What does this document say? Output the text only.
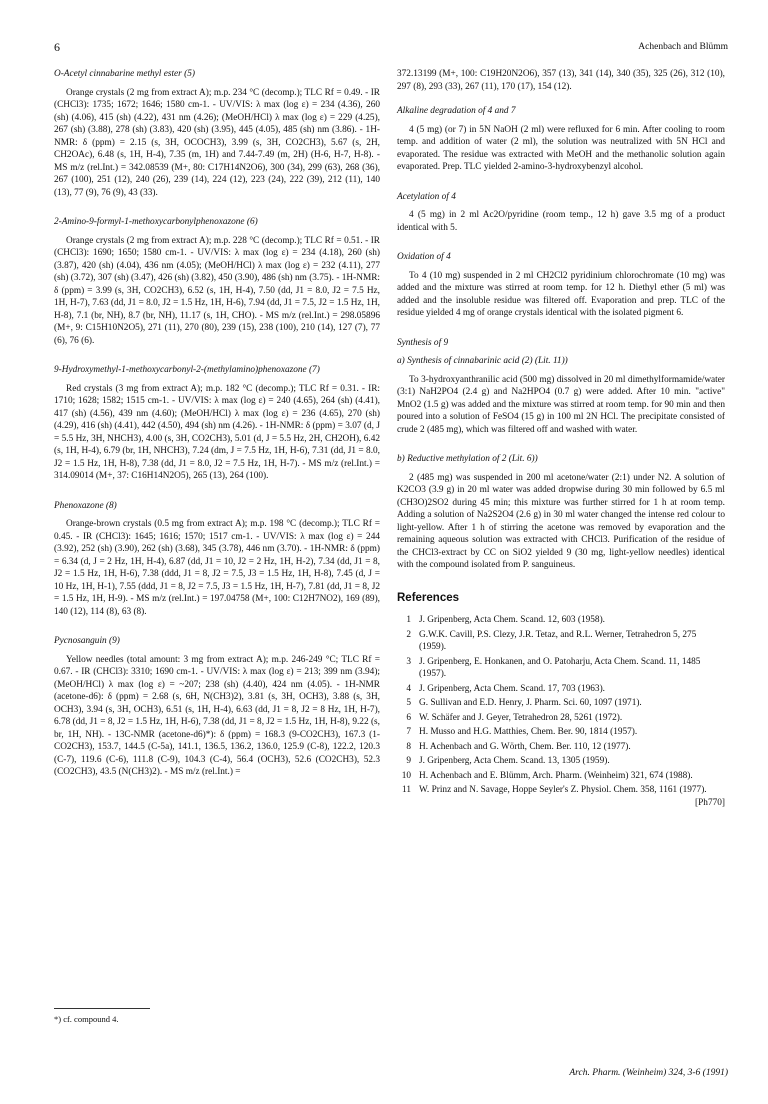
6	Achenbach and Blümm
O-Acetyl cinnabarine methyl ester (5)
Orange crystals (2 mg from extract A); m.p. 234 °C (decomp.); TLC Rf = 0.49. - IR (CHCl3): 1735; 1672; 1646; 1580 cm-1. - UV/VIS: λ max (log ε) = 234 (4.36), 260 (sh) (4.06), 415 (sh) (4.22), 431 nm (4.26); (MeOH/HCl) λ max (log ε) = 229 (4.25), 267 (sh) (3.88), 278 (sh) (3.83), 420 (sh) (3.95), 445 (4.05), 485 (sh) nm (3.86). - 1H-NMR: δ (ppm) = 2.15 (s, 3H, OCOCH3), 3.99 (s, 3H, CO2CH3), 5.67 (s, 2H, CH2OAc), 6.48 (s, 1H, H-4), 7.35 (m, 1H) and 7.44-7.49 (m, 2H) (H-6, H-7, H-8). - MS m/z (rel.Int.) = 342.08539 (M+, 80: C17H14N2O6), 300 (34), 299 (63), 268 (36), 267 (100), 251 (12), 240 (26), 239 (14), 224 (12), 223 (24), 222 (39), 212 (11), 140 (13), 77 (9), 76 (9), 43 (33).
2-Amino-9-formyl-1-methoxycarbonylphenoxazone (6)
Orange crystals (2 mg from extract A); m.p. 228 °C (decomp.); TLC Rf = 0.51. - IR (CHCl3): 1690; 1650; 1580 cm-1. - UV/VIS: λ max (log ε) = 234 (4.18), 260 (sh) (3.87), 420 (sh) (4.04), 436 nm (4.05); (MeOH/HCl) λ max (log ε) = 232 (4.11), 277 (sh) (3.72), 307 (sh) (3.47), 426 (sh) (3.82), 450 (3.90), 486 (sh) nm (3.75). - 1H-NMR: δ (ppm) = 3.99 (s, 3H, CO2CH3), 6.52 (s, 1H, H-4), 7.50 (dd, J1 = 8.0, J2 = 7.5 Hz, 1H, H-7), 7.63 (dd, J1 = 8.0, J2 = 1.5 Hz, 1H, H-6), 7.94 (dd, J1 = 7.5, J2 = 1.5 Hz, 1H, H-8), 7.1 (br, NH), 8.7 (br, NH), 11.17 (s, 1H, CHO). - MS m/z (rel.Int.) = 298.05896 (M+, 9: C15H10N2O5), 271 (11), 270 (80), 239 (15), 238 (100), 210 (14), 127 (7), 77 (6), 76 (6).
9-Hydroxymethyl-1-methoxycarbonyl-2-(methylamino)phenoxazone (7)
Red crystals (3 mg from extract A); m.p. 182 °C (decomp.); TLC Rf = 0.31. - IR: 1710; 1628; 1582; 1515 cm-1. - UV/VIS: λ max (log ε) = 240 (4.65), 264 (sh) (4.41), 417 (sh) (4.56), 439 nm (4.60); (MeOH/HCl) λ max (log ε) = 236 (4.65), 270 (sh) (4.29), 416 (sh) (4.41), 442 (4.50), 494 (sh) nm (4.26). - 1H-NMR: δ (ppm) = 3.07 (d, J = 5.5 Hz, 3H, NHCH3), 4.00 (s, 3H, CO2CH3), 5.01 (d, J = 5.5 Hz, 2H, CH2OH), 6.42 (s, 1H, H-4), 6.79 (br, 1H, NHCH3), 7.24 (dm, J = 7.5 Hz, 1H, H-6), 7.31 (dd, J1 = 8.0, J2 = 1.5 Hz, 1H, H-8), 7.38 (dd, J1 = 8.0, J2 = 7.5 Hz, 1H, H-7). - MS m/z (rel.Int.) = 314.09014 (M+, 37: C16H14N2O5), 265 (13), 264 (100).
Phenoxazone (8)
Orange-brown crystals (0.5 mg from extract A); m.p. 198 °C (decomp.); TLC Rf = 0.45. - IR (CHCl3): 1645; 1616; 1570; 1517 cm-1. - UV/VIS: λ max (log ε) = 244 (3.92), 252 (sh) (3.90), 262 (sh) (3.68), 345 (3.78), 446 nm (3.70). - 1H-NMR: δ (ppm) = 6.34 (d, J = 2 Hz, 1H, H-4), 6.87 (dd, J1 = 10, J2 = 2 Hz, 1H, H-2), 7.34 (dd, J1 = 8, J2 = 1.5 Hz, 1H, H-6), 7.38 (ddd, J1 = 8, J2 = 7.5, J3 = 1.5 Hz, 1H, H-8), 7.45 (d, J = 10 Hz, 1H, H-1), 7.55 (ddd, J1 = 8, J2 = 7.5, J3 = 1.5 Hz, 1H, H-7), 7.81 (dd, J1 = 8, J2 = 1.5 Hz, 1H, H-9). - MS m/z (rel.Int.) = 197.04758 (M+, 100: C12H7NO2), 169 (89), 140 (12), 114 (8), 63 (8).
Pycnosanguin (9)
Yellow needles (total amount: 3 mg from extract A); m.p. 246-249 °C; TLC Rf = 0.67. - IR (CHCl3): 3310; 1690 cm-1. - UV/VIS: λ max (log ε) = 213; 399 nm (3.94); (MeOH/HCl) λ max (log ε) = ~207; 238 (sh) (4.40), 424 nm (4.05). - 1H-NMR (acetone-d6): δ (ppm) = 2.68 (s, 6H, N(CH3)2), 3.81 (s, 3H, OCH3), 3.88 (s, 3H, OCH3), 3.94 (s, 3H, OCH3), 6.51 (s, 1H, H-4), 6.63 (dd, J1 = 8, J2 = 8 Hz, 1H, H-7), 6.78 (dd, J1 = 8, J2 = 1.5 Hz, 1H, H-6), 7.38 (dd, J1 = 8, J2 = 1.5 Hz, 1H, H-8), 9.22 (s, br, 1H, NH). - 13C-NMR (acetone-d6)*): δ (ppm) = 168.3 (9-CO2CH3), 167.3 (1-CO2CH3), 153.7, 144.5 (C-5a), 141.1, 136.5, 136.2, 136.0, 125.9 (C-8), 122.2, 120.3 (C-7), 119.6 (C-6), 111.8 (C-9), 104.3 (C-4), 56.4 (OCH3), 52.6 (CO2CH3), 52.3 (CO2CH3), 43.5 (N(CH3)2). - MS m/z (rel.Int.) =
372.13199 (M+, 100: C19H20N2O6), 357 (13), 341 (14), 340 (35), 325 (26), 312 (10), 297 (8), 293 (33), 267 (11), 170 (17), 154 (12).
Alkaline degradation of 4 and 7
4 (5 mg) (or 7) in 5N NaOH (2 ml) were refluxed for 6 min. After cooling to room temp. and addition of water (2 ml), the solution was neutralized with 5N HCl and evaporated. The residue was extracted with MeOH and the methanolic solution again evaporated. Prep. TLC yielded 2-amino-3-hydroxybenzyl alcohol.
Acetylation of 4
4 (5 mg) in 2 ml Ac2O/pyridine (room temp., 12 h) gave 3.5 mg of a product identical with 5.
Oxidation of 4
To 4 (10 mg) suspended in 2 ml CH2Cl2 pyridinium chlorochromate (10 mg) was added and the mixture was stirred at room temp. for 12 h. Diethyl ether (5 ml) was added and the insoluble residue was filtered off. Evaporation and prep. TLC of the residue yielded 4 mg of orange crystals identical with the isolated pigment 6.
Synthesis of 9
a) Synthesis of cinnabarinic acid (2) (Lit. 11))
To 3-hydroxyanthranilic acid (500 mg) dissolved in 20 ml dimethylformamide/water (3:1) NaH2PO4 (2.4 g) and Na2HPO4 (0.7 g) were added. After 10 min. "active" MnO2 (1.5 g) was added and the mixture was stirred at room temp. for 90 min and then poured into a solution of FeSO4 (15 g) in 100 ml 2N HCl. The precipitate consisted of crude 2 (485 mg), which was filtered off and washed with water.
b) Reductive methylation of 2 (Lit. 6))
2 (485 mg) was suspended in 200 ml acetone/water (2:1) under N2. A solution of K2CO3 (3.9 g) in 20 ml water was added dropwise during 30 min followed by 6.5 ml (CH3O)2SO2 during 45 min; this mixture was further stirred for 1 h at room temp. Adding a solution of Na2S2O4 (2.6 g) in 30 ml water changed the intense red colour to light-yellow. After 1 h of stirring the acetone was removed by evaporation and the remaining aqueous solution was extracted with CHCl3. Purification of the residue of the CHCl3-extract by CC on SiO2 yielded 9 (30 mg, light-yellow needles) identical with the compound isolated from P. sanguineus.
References
1 J. Gripenberg, Acta Chem. Scand. 12, 603 (1958).
2 G.W.K. Cavill, P.S. Clezy, J.R. Tetaz, and R.L. Werner, Tetrahedron 5, 275 (1959).
3 J. Gripenberg, E. Honkanen, and O. Patoharju, Acta Chem. Scand. 11, 1485 (1957).
4 J. Gripenberg, Acta Chem. Scand. 17, 703 (1963).
5 G. Sullivan and E.D. Henry, J. Pharm. Sci. 60, 1097 (1971).
6 W. Schäfer and J. Geyer, Tetrahedron 28, 5261 (1972).
7 H. Musso and H.G. Matthies, Chem. Ber. 90, 1814 (1957).
8 H. Achenbach and G. Wörth, Chem. Ber. 110, 12 (1977).
9 J. Gripenberg, Acta Chem. Scand. 13, 1305 (1959).
10 H. Achenbach and E. Blümm, Arch. Pharm. (Weinheim) 321, 674 (1988).
11 W. Prinz and N. Savage, Hoppe Seyler's Z. Physiol. Chem. 358, 1161 (1977).
[Ph770]
*) cf. compound 4.
Arch. Pharm. (Weinheim) 324, 3-6 (1991)
